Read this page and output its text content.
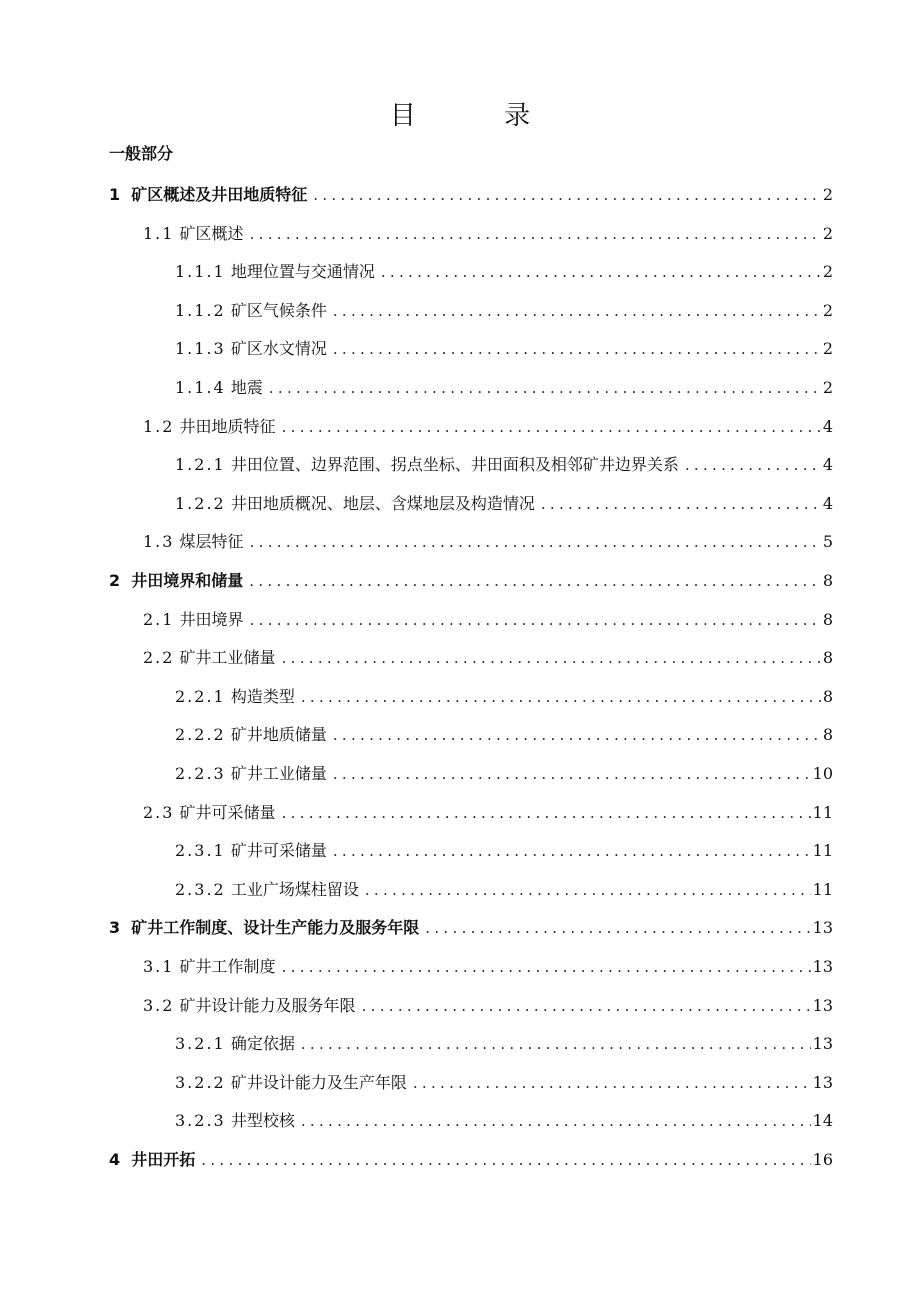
目 录
一般部分
1 矿区概述及井田地质特征 .....	2
1.1 矿区概述 .....	2
1.1.1 地理位置与交通情况 .....	2
1.1.2 矿区气候条件 .....	2
1.1.3 矿区水文情况 .....	2
1.1.4 地震 .....	2
1.2 井田地质特征 .....	4
1.2.1 井田位置、边界范围、拐点坐标、井田面积及相邻矿井边界关系 .....	4
1.2.2 井田地质概况、地层、含煤地层及构造情况 .....	4
1.3 煤层特征 .....	5
2 井田境界和储量 .....	8
2.1 井田境界 .....	8
2.2 矿井工业储量 .....	8
2.2.1 构造类型 .....	8
2.2.2 矿井地质储量 .....	8
2.2.3 矿井工业储量 .....	10
2.3 矿井可采储量 .....	11
2.3.1 矿井可采储量 .....	11
2.3.2 工业广场煤柱留设 .....	11
3 矿井工作制度、设计生产能力及服务年限 .....	13
3.1 矿井工作制度 .....	13
3.2 矿井设计能力及服务年限 .....	13
3.2.1 确定依据 .....	13
3.2.2 矿井设计能力及生产年限 .....	13
3.2.3 井型校核 .....	14
4 井田开拓 .....	16
